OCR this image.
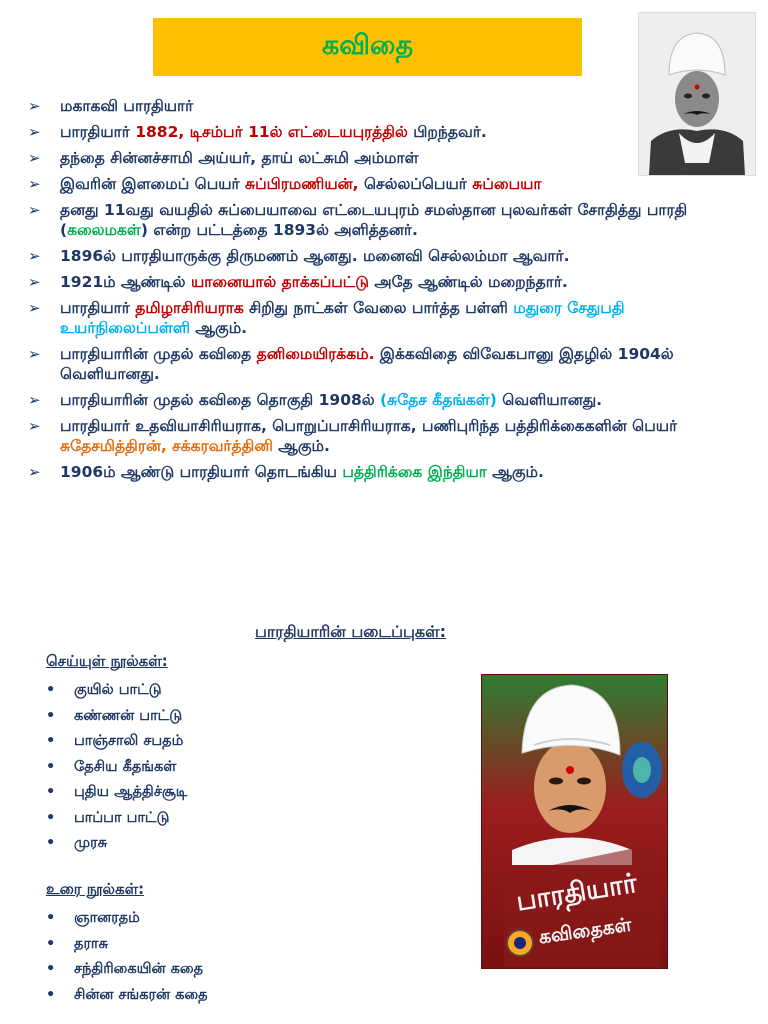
கவிதை
மகாகவி பாரதியார்
➢ மகாகவி பாரதியார்
➢ பாரதியார் 1882, டிசம்பர் 11ல் எட்டையபுரத்தில் பிறந்தவர்.
➢ தந்தை சின்னச்சாமி அய்யர், தாய் லட்சுமி அம்மாள்
➢ இவரின் இளமைப் பெயர் சுப்பிரமணியன், செல்லப்பெயர் சுப்பையா
➢ தனது 11வது வயதில் சுப்பையாவை எட்டையபுரம் சமஸ்தான புலவர்கள் சோதித்து பாரதி (கலைமகள்) என்ற பட்டத்தை 1893ல் அளித்தனர்.
➢ 1896ல் பாரதியாருக்கு திருமணம் ஆனது. மனைவி செல்லம்மா ஆவார்.
➢ 1921ம் ஆண்டில் யானையால் தாக்கப்பட்டு அதே ஆண்டில் மறைந்தார்.
➢ பாரதியார் தமிழாசிரியராக சிறிது நாட்கள் வேலை பார்த்த பள்ளி மதுரை சேதுபதி உயர்நிலைப்பள்ளி ஆகும்.
➢ பாரதியாரின் முதல் கவிதை தனிமையிரக்கம். இக்கவிதை விவேகபானு இதழில் 1904ல் வெளியானது.
➢ பாரதியாரின் முதல் கவிதை தொகுதி 1908ல் (சுதேச கீதங்கள்) வெளியானது.
➢ பாரதியார் உதவியாசிரியராக, பொறுப்பாசிரியராக, பணிபுரிந்த பத்திரிக்கைகளின் பெயர் சுதேசமித்திரன், சக்கரவர்த்தினி ஆகும்.
➢ 1906ம் ஆண்டு பாரதியார் தொடங்கிய பத்திரிக்கை இந்தியா ஆகும்.
பாரதியாரின் படைப்புகள்:
செய்யுள் நூல்கள்:
• குயில் பாட்டு
• கண்ணன் பாட்டு
• பாஞ்சாலி சபதம்
• தேசிய கீதங்கள்
• புதிய ஆத்திச்சூடி
• பாப்பா பாட்டு
• முரசு
உரை நூல்கள்:
• ஞானரதம்
• தராசு
• சந்திரிகையின் கதை
• சின்ன சங்கரன் கதை
பாரதியார்
கவிதைகள்
